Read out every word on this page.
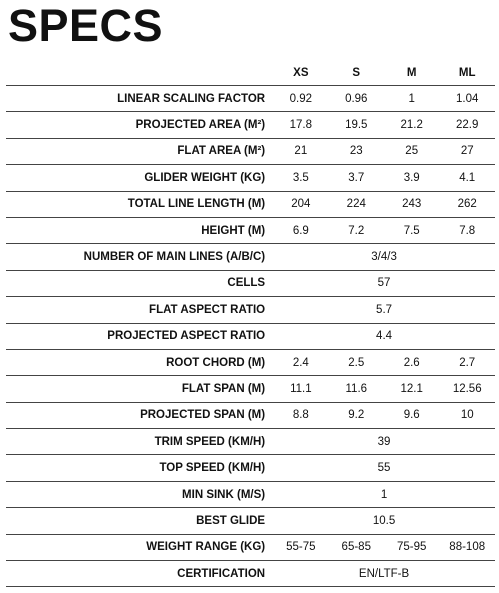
SPECS
	XS	S	M	ML
LINEAR SCALING FACTOR	0.92	0.96	1	1.04
PROJECTED AREA (M²)	17.8	19.5	21.2	22.9
FLAT AREA (M²)	21	23	25	27
GLIDER WEIGHT (KG)	3.5	3.7	3.9	4.1
TOTAL LINE LENGTH (M)	204	224	243	262
HEIGHT (M)	6.9	7.2	7.5	7.8
NUMBER OF MAIN LINES (A/B/C)	3/4/3			
CELLS	57			
FLAT ASPECT RATIO	5.7			
PROJECTED ASPECT RATIO	4.4			
ROOT CHORD (M)	2.4	2.5	2.6	2.7
FLAT SPAN (M)	11.1	11.6	12.1	12.56
PROJECTED SPAN (M)	8.8	9.2	9.6	10
TRIM SPEED (KM/H)	39			
TOP SPEED (KM/H)	55			
MIN SINK (M/S)	1			
BEST GLIDE	10.5			
WEIGHT RANGE (KG)	55-75	65-85	75-95	88-108
CERTIFICATION	EN/LTF-B			
